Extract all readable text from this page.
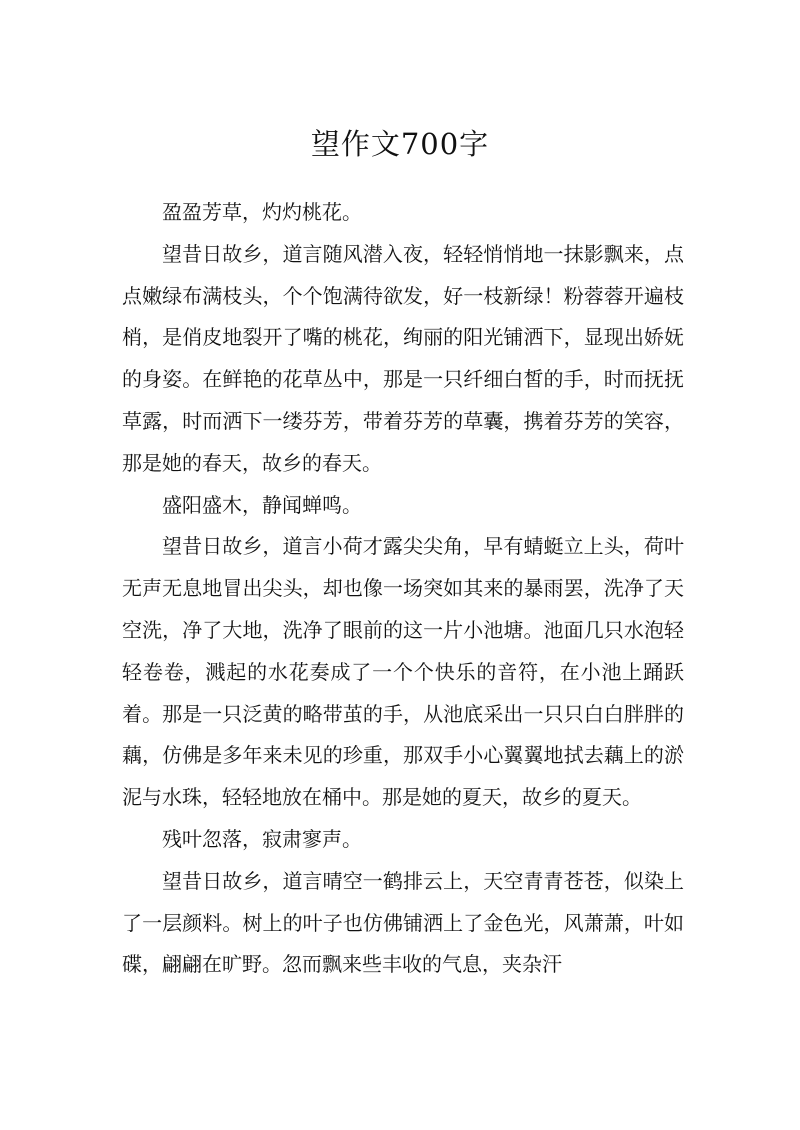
望作文700字

盈盈芳草，灼灼桃花。

望昔日故乡，道言随风潜入夜，轻轻悄悄地一抹影飘来，点点嫩绿布满枝头，个个饱满待欲发，好一枝新绿！粉蓉蓉开遍枝梢，是俏皮地裂开了嘴的桃花，绚丽的阳光铺洒下，显现出娇妩的身姿。在鲜艳的花草丛中，那是一只纤细白皙的手，时而抚抚草露，时而洒下一缕芬芳，带着芬芳的草囊，携着芬芳的笑容，那是她的春天，故乡的春天。

盛阳盛木，静闻蝉鸣。

望昔日故乡，道言小荷才露尖尖角，早有蜻蜓立上头，荷叶无声无息地冒出尖头，却也像一场突如其来的暴雨罢，洗净了天空洗，净了大地，洗净了眼前的这一片小池塘。池面几只水泡轻轻卷卷，溅起的水花奏成了一个个快乐的音符，在小池上踊跃着。那是一只泛黄的略带茧的手，从池底采出一只只白白胖胖的藕，仿佛是多年来未见的珍重，那双手小心翼翼地拭去藕上的淤泥与水珠，轻轻地放在桶中。那是她的夏天，故乡的夏天。

残叶忽落，寂肃寥声。

望昔日故乡，道言晴空一鹤排云上，天空青青苍苍，似染上了一层颜料。树上的叶子也仿佛铺洒上了金色光，风萧萧，叶如碟，翩翩在旷野。忽而飘来些丰收的气息，夹杂汗
